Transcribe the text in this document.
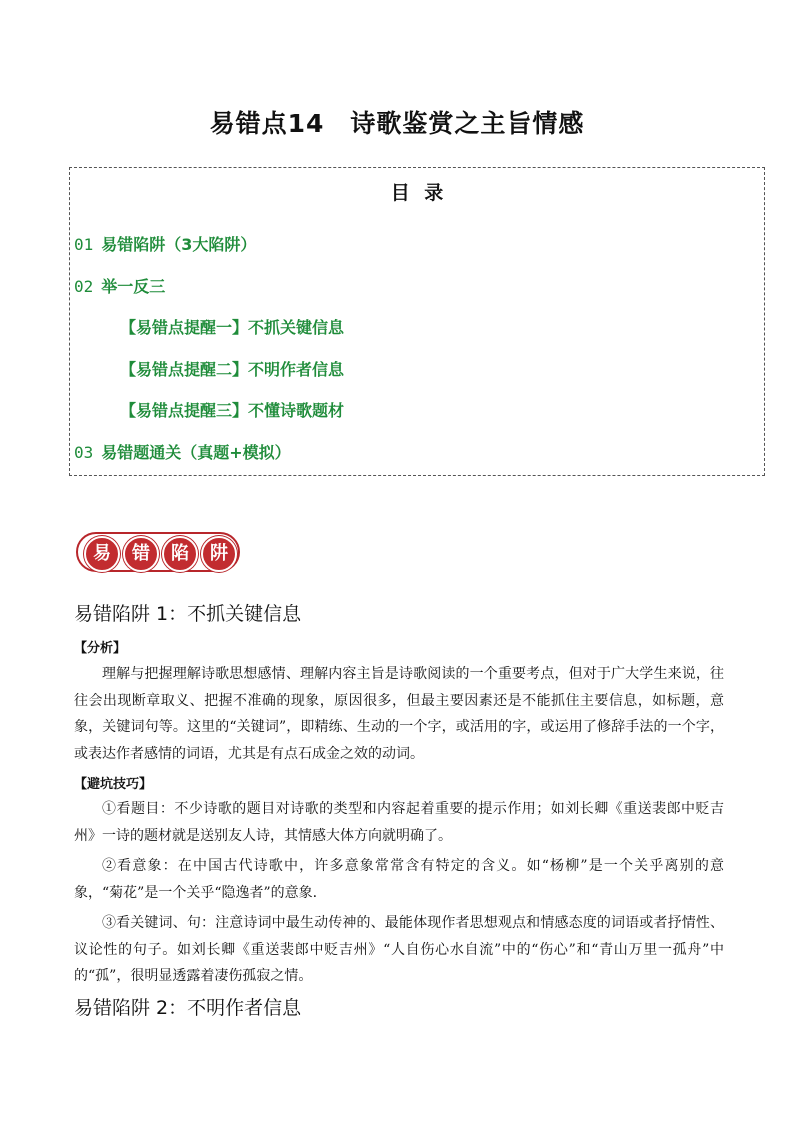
易错点14　诗歌鉴赏之主旨情感
目 录
01 易错陷阱（3大陷阱）
02 举一反三
【易错点提醒一】不抓关键信息
【易错点提醒二】不明作者信息
【易错点提醒三】不懂诗歌题材
03 易错题通关（真题+模拟）
易	错	陷	阱
易错陷阱 1：不抓关键信息
【分析】

理解与把握理解诗歌思想感情、理解内容主旨是诗歌阅读的一个重要考点，但对于广大学生来说，往往会出现断章取义、把握不准确的现象，原因很多，但最主要因素还是不能抓住主要信息，如标题，意象，关键词句等。这里的“关键词”，即精练、生动的一个字，或活用的字，或运用了修辞手法的一个字，或表达作者感情的词语，尤其是有点石成金之效的动词。

【避坑技巧】

①看题目：不少诗歌的题目对诗歌的类型和内容起着重要的提示作用；如刘长卿《重送裴郎中贬吉州》一诗的题材就是送别友人诗，其情感大体方向就明确了。

②看意象：在中国古代诗歌中，许多意象常常含有特定的含义。如“杨柳”是一个关乎离别的意象，“菊花”是一个关乎“隐逸者”的意象.

③看关键词、句：注意诗词中最生动传神的、最能体现作者思想观点和情感态度的词语或者抒情性、议论性的句子。如刘长卿《重送裴郎中贬吉州》“人自伤心水自流”中的“伤心”和“青山万里一孤舟”中的“孤”，很明显透露着凄伤孤寂之情。

易错陷阱 2：不明作者信息
